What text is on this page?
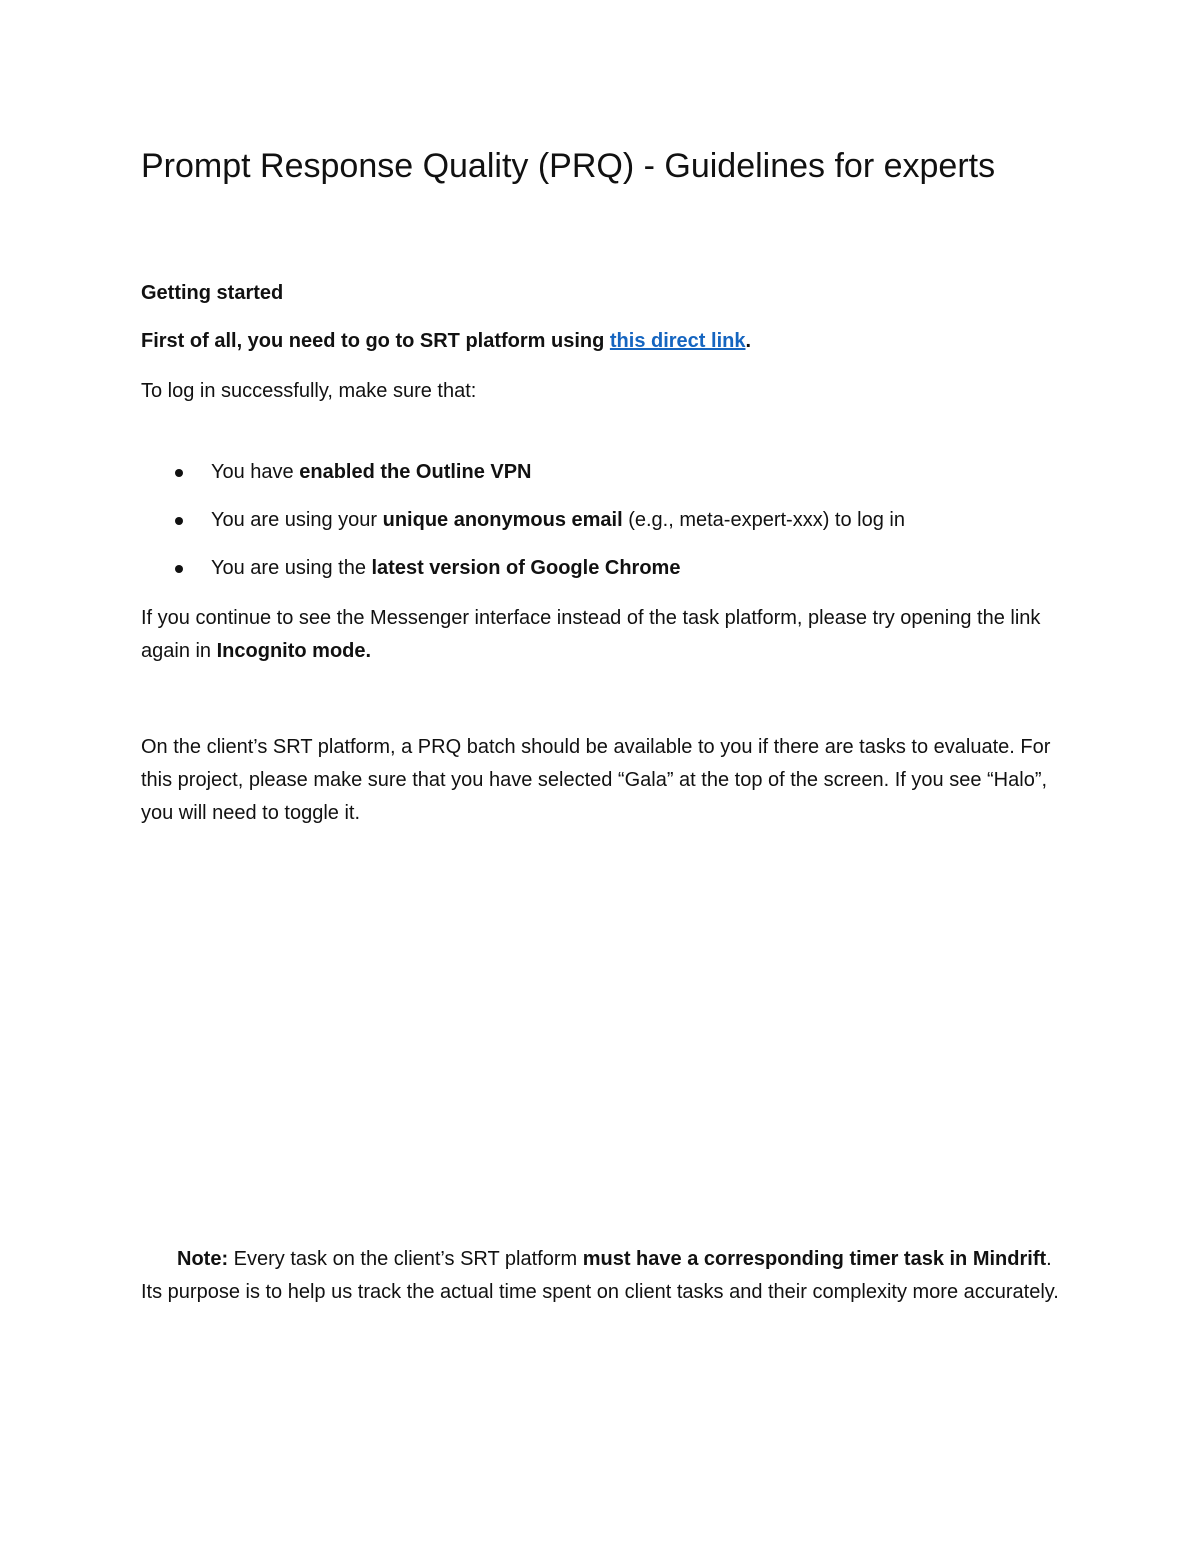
Prompt Response Quality (PRQ) - Guidelines for experts

Getting started

First of all, you need to go to SRT platform using this direct link.

To log in successfully, make sure that:

You have enabled the Outline VPN
You are using your unique anonymous email (e.g., meta-expert-xxx) to log in
You are using the latest version of Google Chrome

If you continue to see the Messenger interface instead of the task platform, please try opening the link again in Incognito mode.

On the client’s SRT platform, a PRQ batch should be available to you if there are tasks to evaluate. For this project, please make sure that you have selected “Gala” at the top of the screen. If you see “Halo”, you will need to toggle it.

Note: Every task on the client’s SRT platform must have a corresponding timer task in Mindrift. Its purpose is to help us track the actual time spent on client tasks and their complexity more accurately.
